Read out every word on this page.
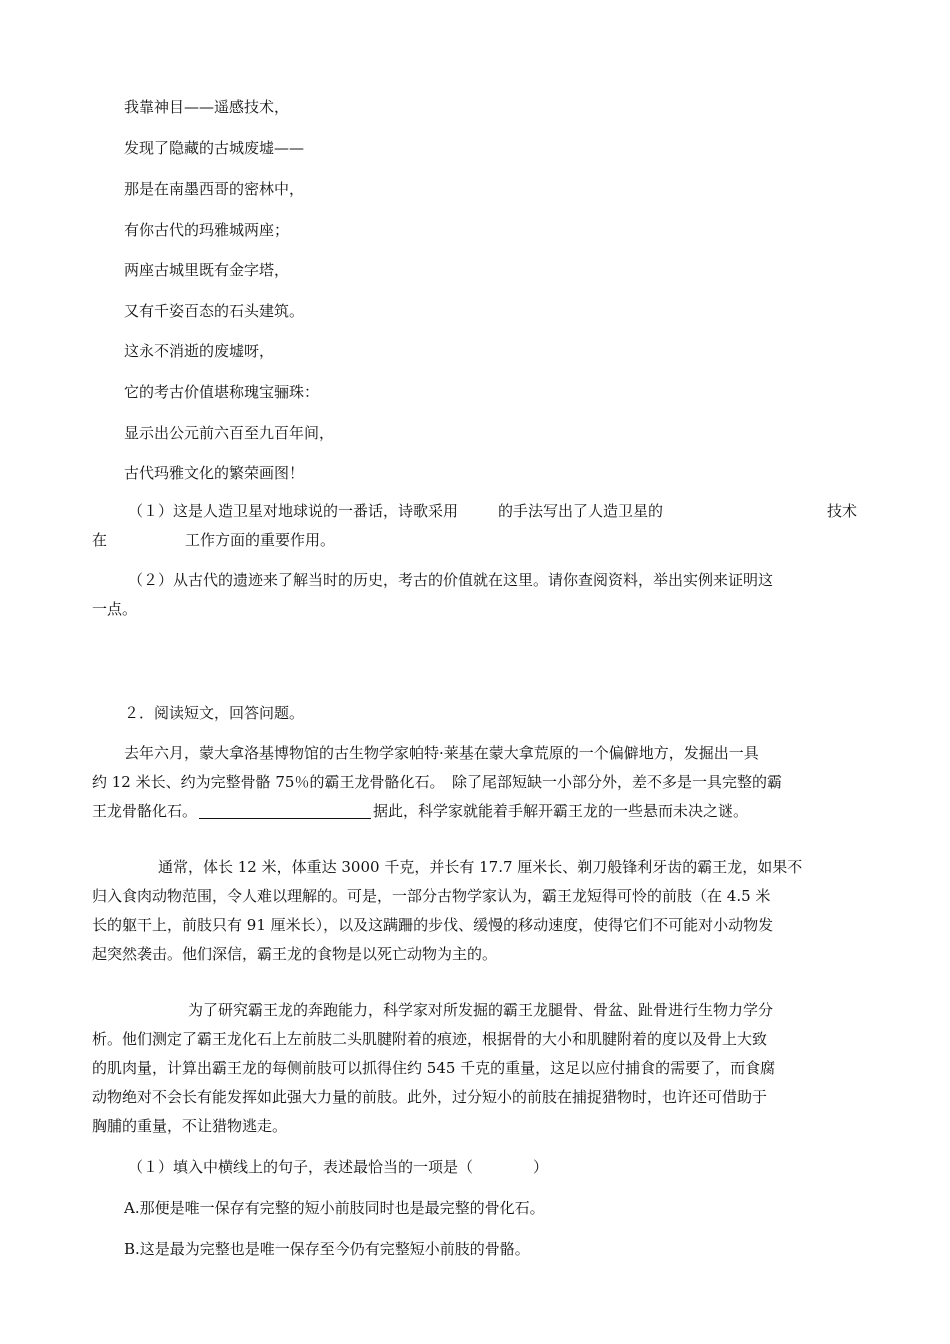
我靠神目——遥感技术，
发现了隐藏的古城废墟——
那是在南墨西哥的密林中，
有你古代的玛雅城两座；
两座古城里既有金字塔，
又有千姿百态的石头建筑。
这永不消逝的废墟呀，
它的考古价值堪称瑰宝骊珠：
显示出公元前六百至九百年间，
古代玛雅文化的繁荣画图！
（１）这是人造卫星对地球说的一番话，诗歌采用	的手法写出了人造卫星的	技术
在	工作方面的重要作用。
（２）从古代的遗迹来了解当时的历史，考古的价值就在这里。请你查阅资料，举出实例来证明这
一点。
２．阅读短文，回答问题。
去年六月，蒙大拿洛基博物馆的古生物学家帕特·莱基在蒙大拿荒原的一个偏僻地方，发掘出一具
约 12 米长、约为完整骨骼 75％的霸王龙骨骼化石。　除了尾部短缺一小部分外，差不多是一具完整的霸
王龙骨骼化石。	据此，科学家就能着手解开霸王龙的一些悬而未决之谜。
通常，体长 12 米，体重达 3000 千克，并长有 17.7 厘米长、剃刀般锋利牙齿的霸王龙，如果不
归入食肉动物范围，令人难以理解的。可是，一部分古物学家认为，霸王龙短得可怜的前肢（在 4.5 米
长的躯干上，前肢只有 91 厘米长），以及这蹒跚的步伐、缓慢的移动速度，使得它们不可能对小动物发
起突然袭击。他们深信，霸王龙的食物是以死亡动物为主的。
为了研究霸王龙的奔跑能力，科学家对所发掘的霸王龙腿骨、骨盆、趾骨进行生物力学分
析。他们测定了霸王龙化石上左前肢二头肌腱附着的痕迹，根据骨的大小和肌腱附着的度以及骨上大致
的肌肉量，计算出霸王龙的每侧前肢可以抓得住约 545 千克的重量，这足以应付捕食的需要了，而食腐
动物绝对不会长有能发挥如此强大力量的前肢。此外，过分短小的前肢在捕捉猎物时，也许还可借助于
胸脯的重量，不让猎物逃走。
（１）填入中横线上的句子，表述最恰当的一项是（　　　　）
A.那便是唯一保存有完整的短小前肢同时也是最完整的骨化石。
B.这是最为完整也是唯一保存至今仍有完整短小前肢的骨骼。
